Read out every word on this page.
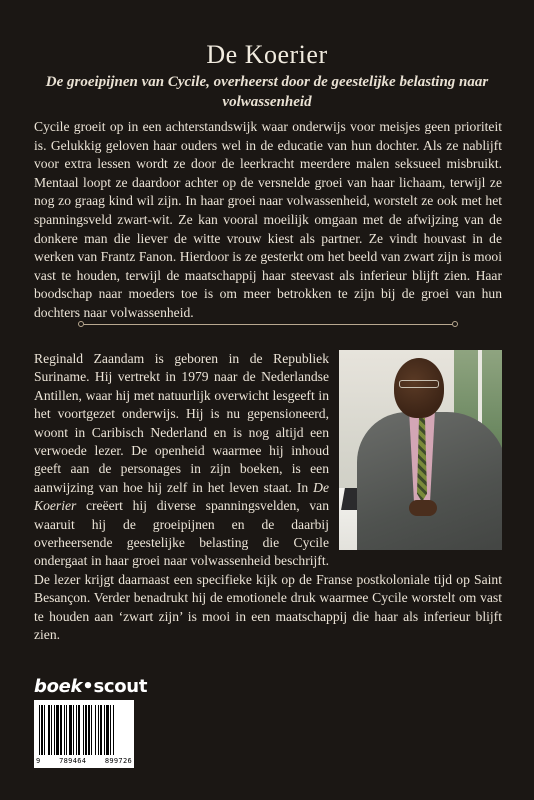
De Koerier
De groeipijnen van Cycile, overheerst door de geestelijke belasting naar volwassenheid

Cycile groeit op in een achterstandswijk waar onderwijs voor meisjes geen prioriteit is. Gelukkig geloven haar ouders wel in de educatie van hun dochter. Als ze nablijft voor extra lessen wordt ze door de leerkracht meerdere malen seksueel misbruikt. Mentaal loopt ze daardoor achter op de versnelde groei van haar lichaam, terwijl ze nog zo graag kind wil zijn. In haar groei naar volwassenheid, worstelt ze ook met het spanningsveld zwart-wit. Ze kan vooral moeilijk omgaan met de afwijzing van de donkere man die liever de witte vrouw kiest als partner. Ze vindt houvast in de werken van Frantz Fanon. Hierdoor is ze gesterkt om het beeld van zwart zijn is mooi vast te houden, terwijl de maatschappij haar steevast als inferieur blijft zien. Haar boodschap naar moeders toe is om meer betrokken te zijn bij de groei van hun dochters naar volwassenheid.

Reginald Zaandam is geboren in de Republiek Suriname. Hij vertrekt in 1979 naar de Nederlandse Antillen, waar hij met natuurlijk overwicht lesgeeft in het voortgezet onderwijs. Hij is nu gepensioneerd, woont in Caribisch Nederland en is nog altijd een verwoede lezer. De openheid waarmee hij inhoud geeft aan de personages in zijn boeken, is een aanwijzing van hoe hij zelf in het leven staat. In De Koerier creëert hij diverse spanningsvelden, van waaruit hij de groeipijnen en de daarbij overheersende geestelijke belasting die Cycile ondergaat in haar groei naar volwassenheid beschrijft. De lezer krijgt daarnaast een specifieke kijk op de Franse postkoloniale tijd op Saint Besançon. Verder benadrukt hij de emotionele druk waarmee Cycile worstelt om vast te houden aan ‘zwart zijn’ is mooi in een maatschappij die haar als inferieur blijft zien.
boek•scout
9	789464	899726
